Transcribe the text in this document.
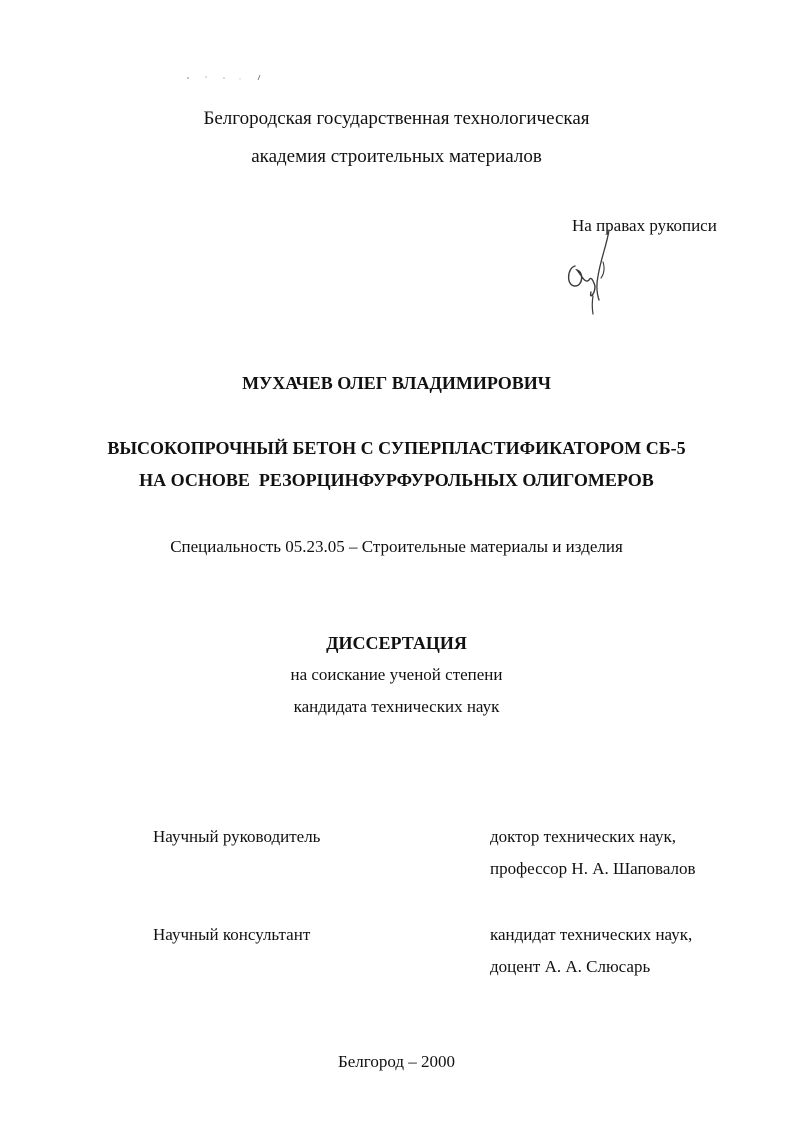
Белгородская государственная технологическая
академия строительных материалов
На правах рукописи
МУХАЧЕВ ОЛЕГ ВЛАДИМИРОВИЧ
ВЫСОКОПРОЧНЫЙ БЕТОН С СУПЕРПЛАСТИФИКАТОРОМ СБ-5
НА ОСНОВЕ  РЕЗОРЦИНФУРФУРОЛЬНЫХ ОЛИГОМЕРОВ
Специальность 05.23.05 – Строительные материалы и изделия
ДИССЕРТАЦИЯ
на соискание ученой степени
кандидата технических наук
Научный руководитель	доктор технических наук,
профессор Н. А. Шаповалов
Научный консультант	кандидат технических наук,
доцент А. А. Слюсарь
Белгород – 2000
